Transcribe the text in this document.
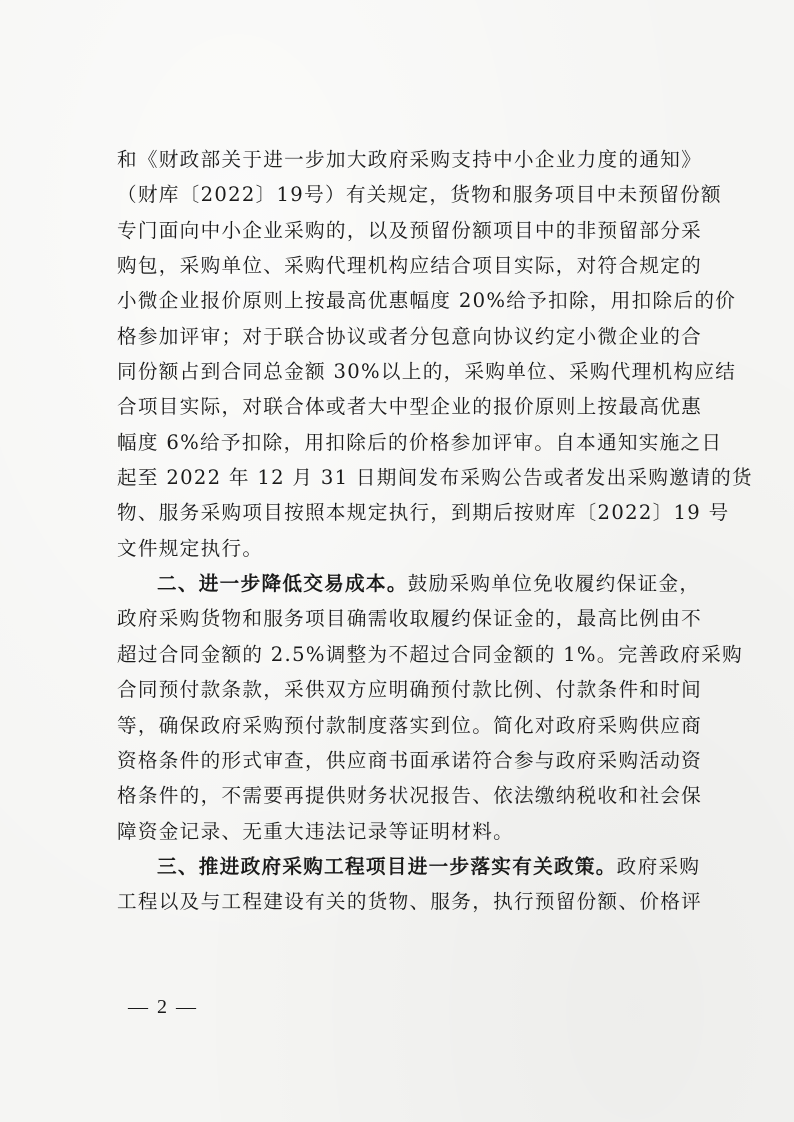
和《财政部关于进一步加大政府采购支持中小企业力度的通知》
（财库〔2022〕19号）有关规定，货物和服务项目中未预留份额
专门面向中小企业采购的，以及预留份额项目中的非预留部分采
购包，采购单位、采购代理机构应结合项目实际，对符合规定的
小微企业报价原则上按最高优惠幅度 20%给予扣除，用扣除后的价
格参加评审；对于联合协议或者分包意向协议约定小微企业的合
同份额占到合同总金额 30%以上的，采购单位、采购代理机构应结
合项目实际，对联合体或者大中型企业的报价原则上按最高优惠
幅度 6%给予扣除，用扣除后的价格参加评审。自本通知实施之日
起至 2022 年 12 月 31 日期间发布采购公告或者发出采购邀请的货
物、服务采购项目按照本规定执行，到期后按财库〔2022〕19 号
文件规定执行。
二、进一步降低交易成本。鼓励采购单位免收履约保证金，
政府采购货物和服务项目确需收取履约保证金的，最高比例由不
超过合同金额的 2.5%调整为不超过合同金额的 1%。完善政府采购
合同预付款条款，采供双方应明确预付款比例、付款条件和时间
等，确保政府采购预付款制度落实到位。简化对政府采购供应商
资格条件的形式审查，供应商书面承诺符合参与政府采购活动资
格条件的，不需要再提供财务状况报告、依法缴纳税收和社会保
障资金记录、无重大违法记录等证明材料。
三、推进政府采购工程项目进一步落实有关政策。政府采购
工程以及与工程建设有关的货物、服务，执行预留份额、价格评
— 2 —
